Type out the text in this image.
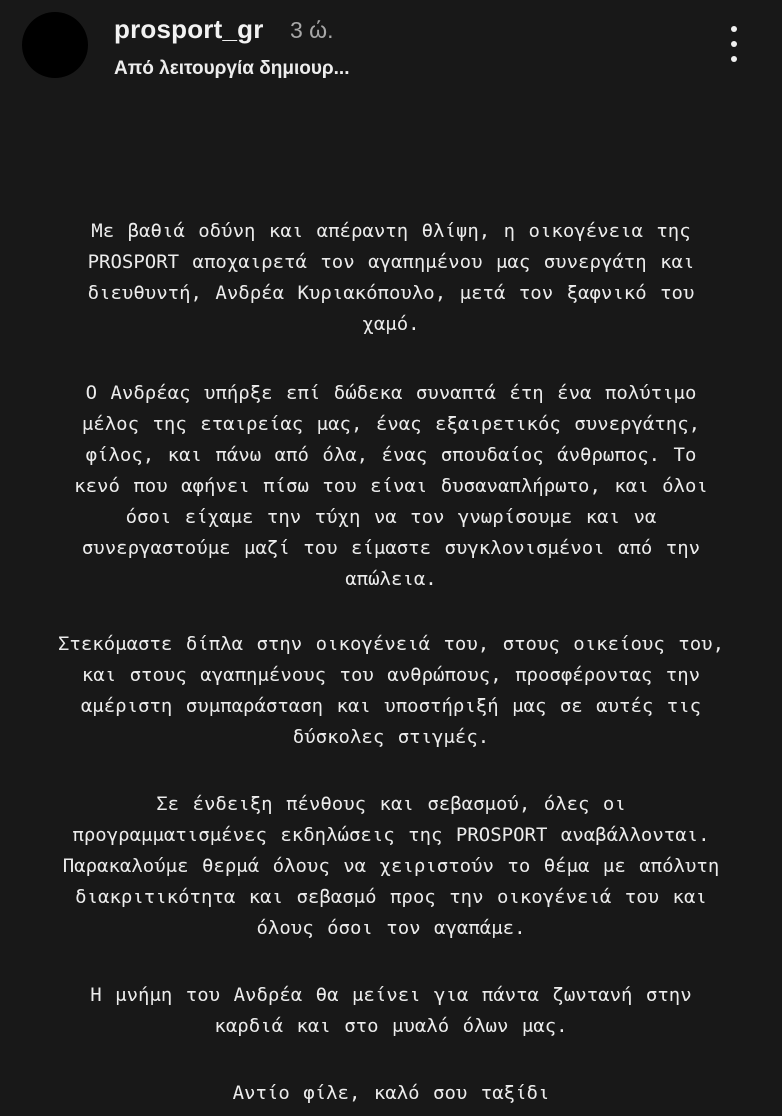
prosport_gr 3 ώ.
Από λειτουργία δημιουρ...

Με βαθιά οδύνη και απέραντη θλίψη, η οικογένεια της
PROSPORT αποχαιρετά τον αγαπημένου μας συνεργάτη και
διευθυντή, Ανδρέα Κυριακόπουλο, μετά τον ξαφνικό του
χαμό.

Ο Ανδρέας υπήρξε επί δώδεκα συναπτά έτη ένα πολύτιμο
μέλος της εταιρείας μας, ένας εξαιρετικός συνεργάτης,
φίλος, και πάνω από όλα, ένας σπουδαίος άνθρωπος. Το
κενό που αφήνει πίσω του είναι δυσαναπλήρωτο, και όλοι
όσοι είχαμε την τύχη να τον γνωρίσουμε και να
συνεργαστούμε μαζί του είμαστε συγκλονισμένοι από την
απώλεια.

Στεκόμαστε δίπλα στην οικογένειά του, στους οικείους του,
και στους αγαπημένους του ανθρώπους, προσφέροντας την
αμέριστη συμπαράσταση και υποστήριξή μας σε αυτές τις
δύσκολες στιγμές.

Σε ένδειξη πένθους και σεβασμού, όλες οι
προγραμματισμένες εκδηλώσεις της PROSPORT αναβάλλονται.
Παρακαλούμε θερμά όλους να χειριστούν το θέμα με απόλυτη
διακριτικότητα και σεβασμό προς την οικογένειά του και
όλους όσοι τον αγαπάμε.

Η μνήμη του Ανδρέα θα μείνει για πάντα ζωντανή στην
καρδιά και στο μυαλό όλων μας.

Αντίο φίλε, καλό σου ταξίδι
